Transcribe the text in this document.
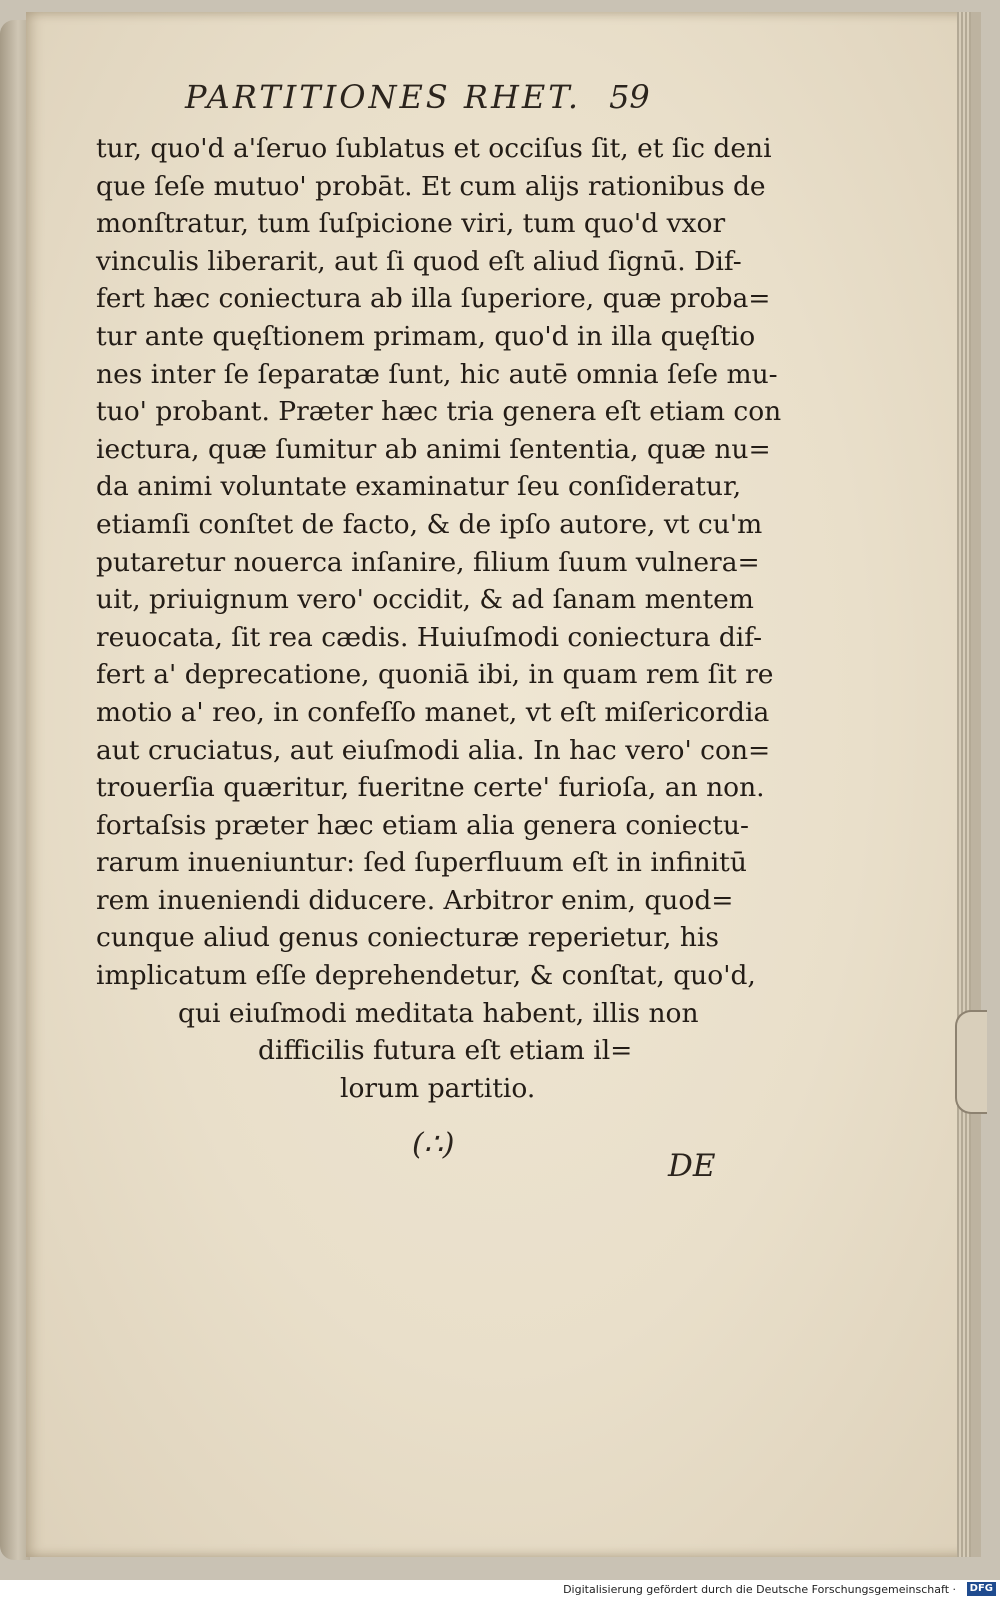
PARTITIONES RHET. 59
tur, quo'd a'ſeruo ſublatus et occiſus ſit, et ſic deni
que ſeſe mutuo' probāt. Et cum alijs rationibus de
monſtratur, tum ſuſpicione viri, tum quo'd vxor
vinculis liberarit, aut ſi quod eſt aliud ſignū. Dif-
fert hæc coniectura ab illa ſuperiore, quæ proba=
tur ante quęſtionem primam, quo'd in illa quęſtio
nes inter ſe ſeparatæ ſunt, hic autē omnia ſeſe mu-
tuo' probant. Præter hæc tria genera eſt etiam con
iectura, quæ ſumitur ab animi ſententia, quæ nu=
da animi voluntate examinatur ſeu conſideratur,
etiamſi conſtet de facto, & de ipſo autore, vt cu'm
putaretur nouerca inſanire, filium ſuum vulnera=
uit, priuignum vero' occidit, & ad ſanam mentem
reuocata, ſit rea cædis. Huiuſmodi coniectura dif-
fert a' deprecatione, quoniā ibi, in quam rem ſit re
motio a' reo, in confeſſo manet, vt eſt miſericordia
aut cruciatus, aut eiuſmodi alia. In hac vero' con=
trouerſia quæritur, fueritne certe' furioſa, an non.
fortaſsis præter hæc etiam alia genera coniectu-
rarum inueniuntur: ſed ſuperfluum eſt in infinitū
rem inueniendi diducere. Arbitror enim, quod=
cunque aliud genus coniecturæ reperietur, his
implicatum eſſe deprehendetur, & conſtat, quo'd,
qui eiuſmodi meditata habent, illis non
difficilis futura eſt etiam il=
lorum partitio.
(∴)
DE
Digitalisierung gefördert durch die Deutsche Forschungsgemeinschaft ·	DFG
